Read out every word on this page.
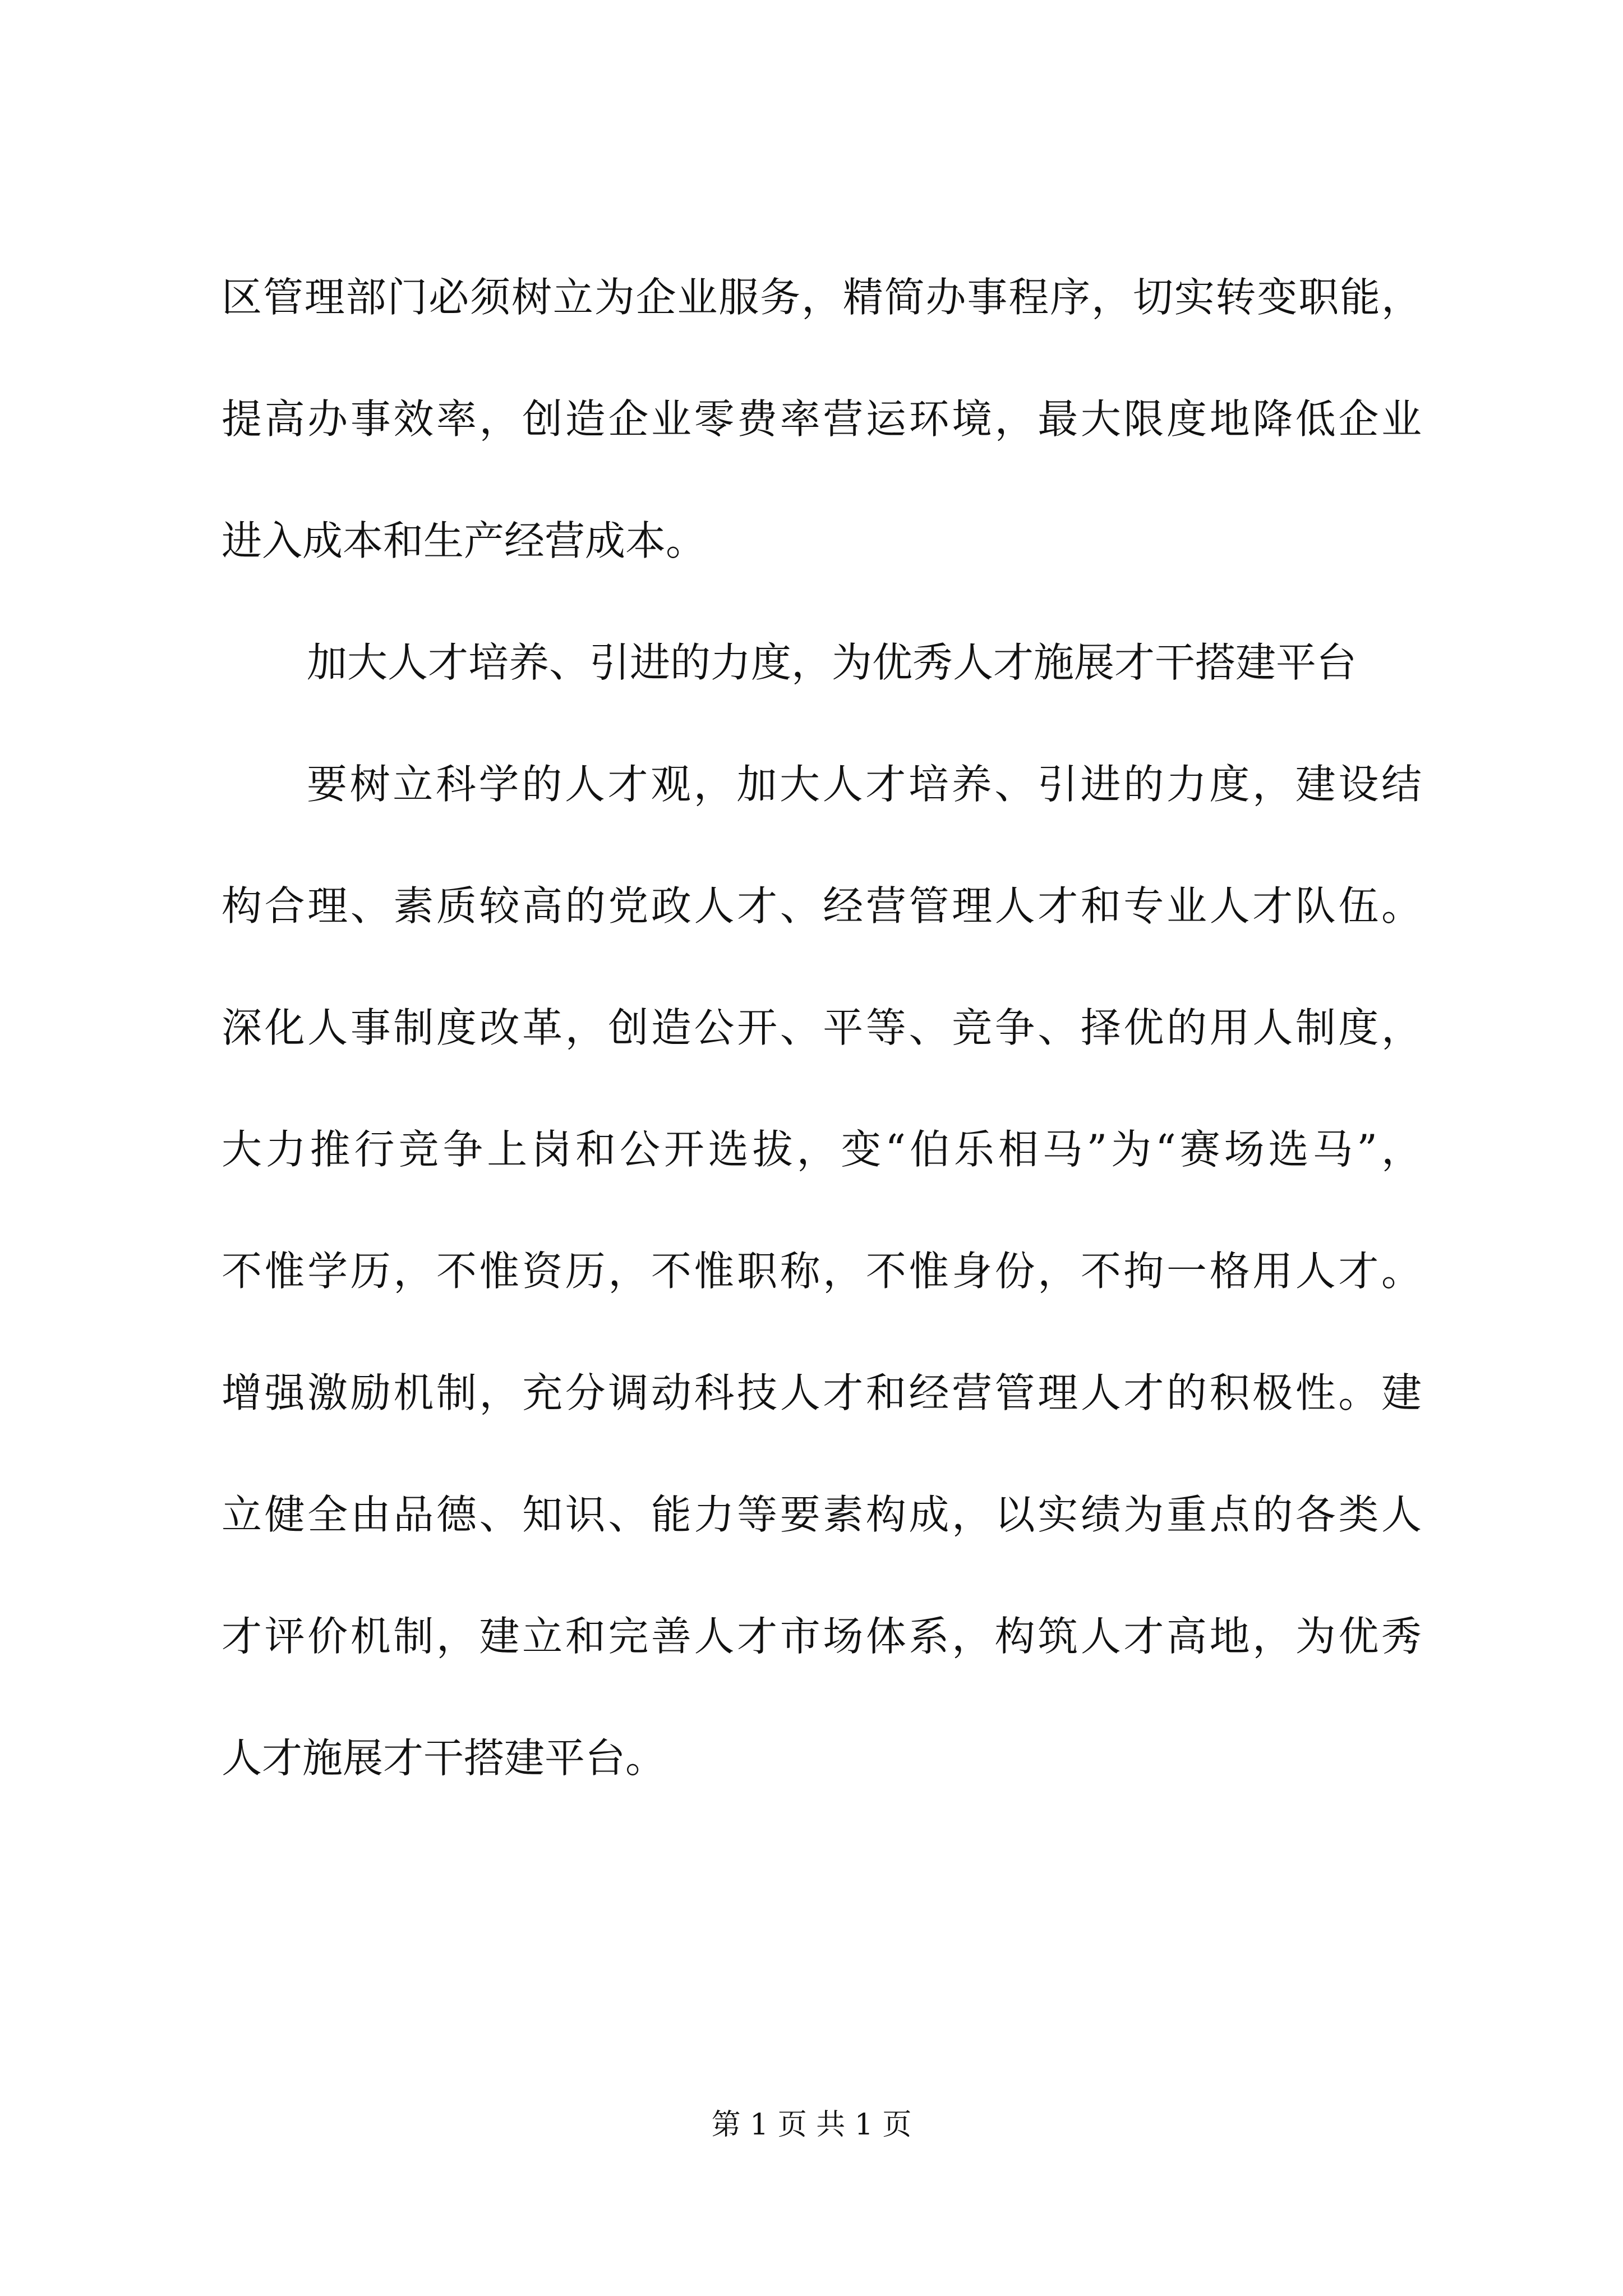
区管理部门必须树立为企业服务，精简办事程序，切实转变职能，
提高办事效率，创造企业零费率营运环境，最大限度地降低企业
进入成本和生产经营成本。
加大人才培养、引进的力度，为优秀人才施展才干搭建平台
要树立科学的人才观，加大人才培养、引进的力度，建设结
构合理、素质较高的党政人才、经营管理人才和专业人才队伍。
深化人事制度改革，创造公开、平等、竞争、择优的用人制度，
大力推行竞争上岗和公开选拔，变“伯乐相马”为“赛场选马”，
不惟学历，不惟资历，不惟职称，不惟身份，不拘一格用人才。
增强激励机制，充分调动科技人才和经营管理人才的积极性。建
立健全由品德、知识、能力等要素构成，以实绩为重点的各类人
才评价机制，建立和完善人才市场体系，构筑人才高地，为优秀
人才施展才干搭建平台。
第 1 页 共 1 页
